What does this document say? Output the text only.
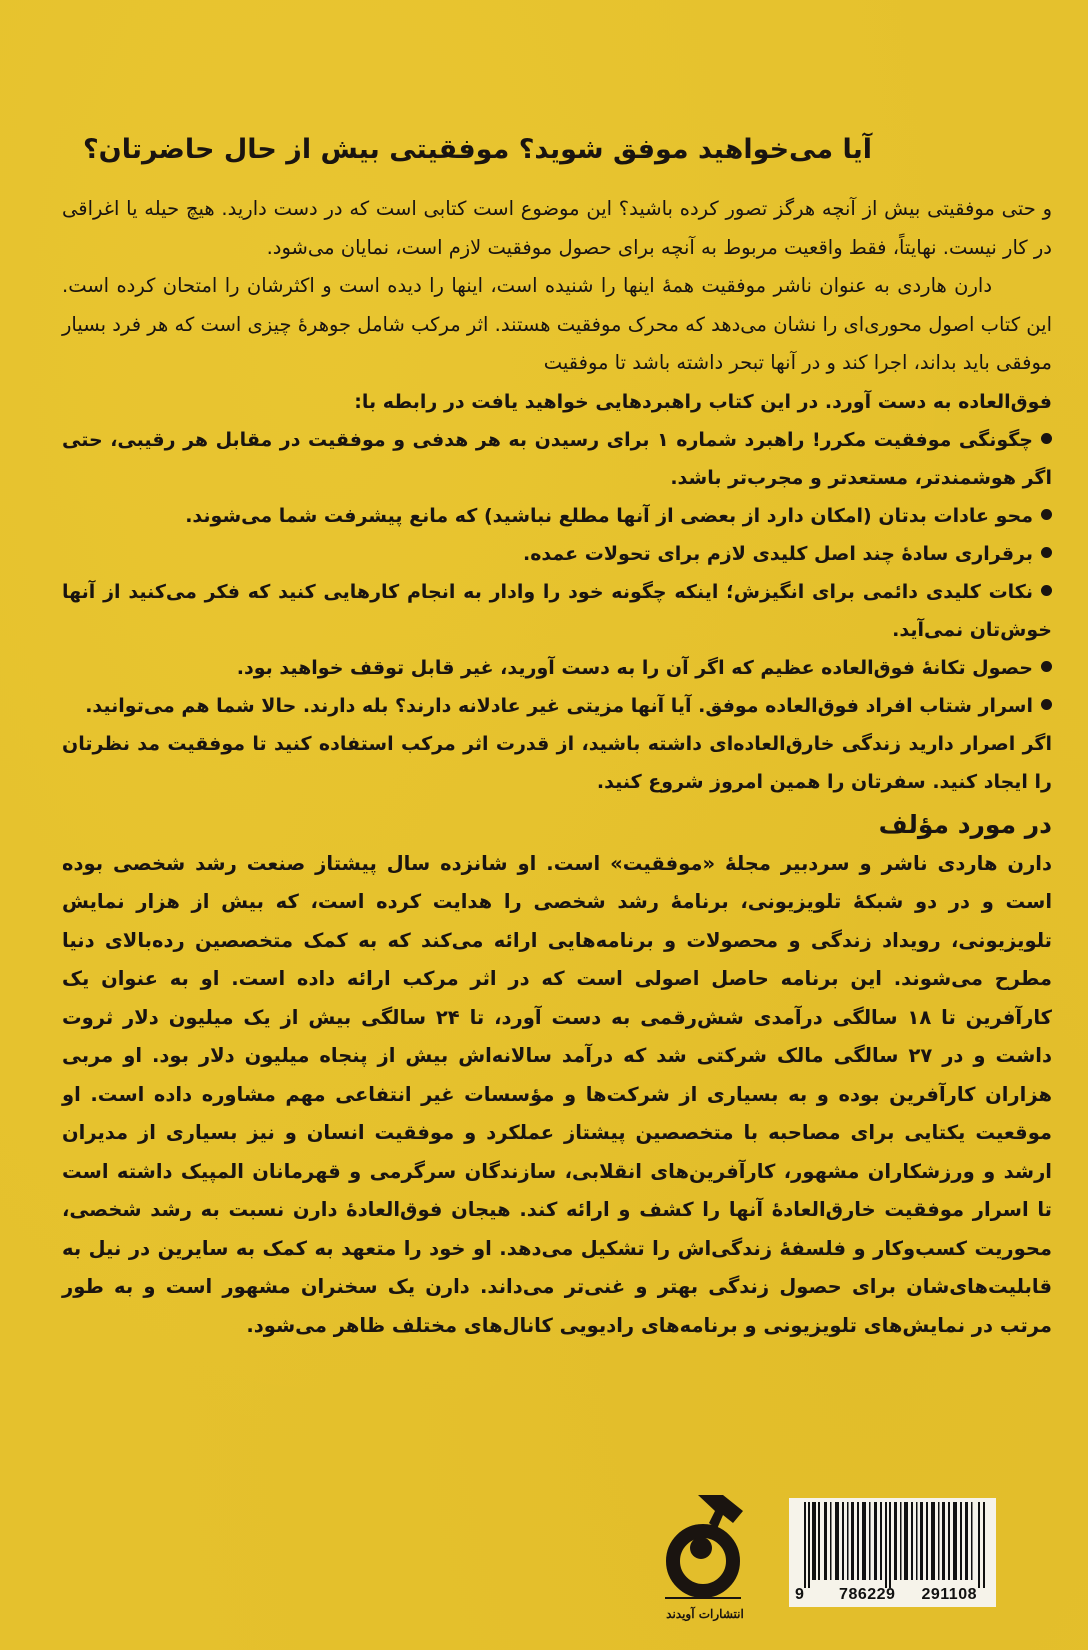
آیا می‌خواهید موفق شوید؟ موفقیتی بیش از حال حاضرتان؟

و حتی موفقیتی بیش از آنچه هرگز تصور کرده باشید؟ این موضوع است کتابی است که در دست دارید. هیچ حیله یا اغراقی در کار نیست. نهایتاً، فقط واقعیت مربوط به آنچه برای حصول موفقیت لازم است، نمایان می‌شود.

دارن هاردی به عنوان ناشر موفقیت همهٔ اینها را شنیده است، اینها را دیده است و اکثرشان را امتحان کرده است. این کتاب اصول محوری‌ای را نشان می‌دهد که محرک موفقیت هستند. اثر مرکب شامل جوهرهٔ چیزی است که هر فرد بسیار موفقی باید بداند، اجرا کند و در آنها تبحر داشته باشد تا موفقیت

فوق‌العاده به دست آورد. در این کتاب راهبردهایی خواهید یافت در رابطه با:

چگونگی موفقیت مکرر! راهبرد شماره ۱ برای رسیدن به هر هدفی و موفقیت در مقابل هر رقیبی، حتی اگر هوشمندتر، مستعدتر و مجرب‌تر باشد.
محو عادات بدتان (امکان دارد از بعضی از آنها مطلع نباشید) که مانع پیشرفت شما می‌شوند.
برقراری سادهٔ چند اصل کلیدی لازم برای تحولات عمده.
نکات کلیدی دائمی برای انگیزش؛ اینکه چگونه خود را وادار به انجام کارهایی کنید که فکر می‌کنید از آنها خوش‌تان نمی‌آید.
حصول تکانهٔ فوق‌العاده عظیم که اگر آن را به دست آورید، غیر قابل توقف خواهید بود.
اسرار شتاب افراد فوق‌العاده موفق. آیا آنها مزیتی غیر عادلانه دارند؟ بله دارند. حالا شما هم می‌توانید.

اگر اصرار دارید زندگی خارق‌العاده‌ای داشته باشید، از قدرت اثر مرکب استفاده کنید تا موفقیت مد نظرتان را ایجاد کنید. سفرتان را همین امروز شروع کنید.

در مورد مؤلف

دارن هاردی ناشر و سردبیر مجلهٔ «موفقیت» است. او شانزده سال پیشتاز صنعت رشد شخصی بوده است و در دو شبکهٔ تلویزیونی، برنامهٔ رشد شخصی را هدایت کرده است، که بیش از هزار نمایش تلویزیونی، رویداد زندگی و محصولات و برنامه‌هایی ارائه می‌کند که به کمک متخصصین رده‌بالای دنیا مطرح می‌شوند. این برنامه حاصل اصولی است که در اثر مرکب ارائه داده است. او به عنوان یک کارآفرین تا ۱۸ سالگی درآمدی شش‌رقمی به دست آورد، تا ۲۴ سالگی بیش از یک میلیون دلار ثروت داشت و در ۲۷ سالگی مالک شرکتی شد که درآمد سالانه‌اش بیش از پنجاه میلیون دلار بود. او مربی هزاران کارآفرین بوده و به بسیاری از شرکت‌ها و مؤسسات غیر انتفاعی مهم مشاوره داده است. او موقعیت یکتایی برای مصاحبه با متخصصین پیشتاز عملکرد و موفقیت انسان و نیز بسیاری از مدیران ارشد و ورزشکاران مشهور، کارآفرین‌های انقلابی، سازندگان سرگرمی و قهرمانان المپیک داشته است تا اسرار موفقیت خارق‌العادهٔ آنها را کشف و ارائه کند. هیجان فوق‌العادهٔ دارن نسبت به رشد شخصی، محوریت کسب‌وکار و فلسفهٔ زندگی‌اش را تشکیل می‌دهد. او خود را متعهد به کمک به سایرین در نیل به قابلیت‌های‌شان برای حصول زندگی بهتر و غنی‌تر می‌داند. دارن یک سخنران مشهور است و به طور مرتب در نمایش‌های تلویزیونی و برنامه‌های رادیویی کانال‌های مختلف ظاهر می‌شود.

انتشارات آویدند
9 786229 291108
